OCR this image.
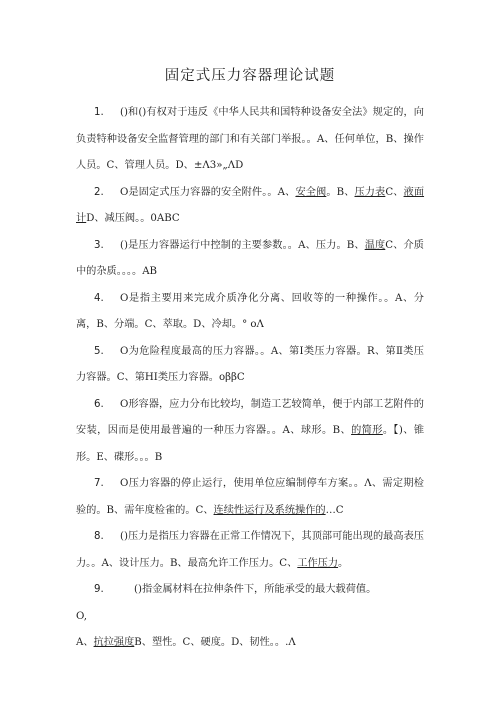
固定式压力容器理论试题

1. ()和()有权对于违反《中华人民共和国特种设备安全法》规定的，向负责特种设备安全监督管理的部门和有关部门举报。。A、任何单位，B、操作人员。C、管理人员。D、±Λ3»„ΛD

2. O是固定式压力容器的安全附件。。A、安全阀。B、压力表C、液面计D、减压阀。。0ABC

3. ()是压力容器运行中控制的主要参数。。A、压力。B、温度C、介质中的杂质。。。。AB

4. O是指主要用来完成介质净化分离、回收等的一种操作。。A、分离，B、分端。C、萃取。D、冷却。° oΛ

5. O为危险程度最高的压力容器。。A、第I类压力容器。R、第Ⅱ类压力容器。C、第HI类压力容器。oββC

6. O形容器，应力分布比较均，制造工艺较简单，便于内部工艺附件的安装，因而是使用最普遍的一种压力容器。。A、球形。B、的简形。【)、锥形。E、碟形。。。B

7. O压力容器的停止运行，使用单位应编制停车方案。。Λ、需定期检验的。B、需年度检雀的。C、连续性运行及系统操作的…C

8. ()压力是指压力容器在正常工作情况下，其顶部可能出现的最高表压力。。A、设计压力。B、最高允许工作压力。C、工作压力。

9.	()指金属材料在拉伸条件下，所能承受的最大载荷值。

O,

A、抗拉强度B、塑性。C、硬度。D、韧性。。.Λ
